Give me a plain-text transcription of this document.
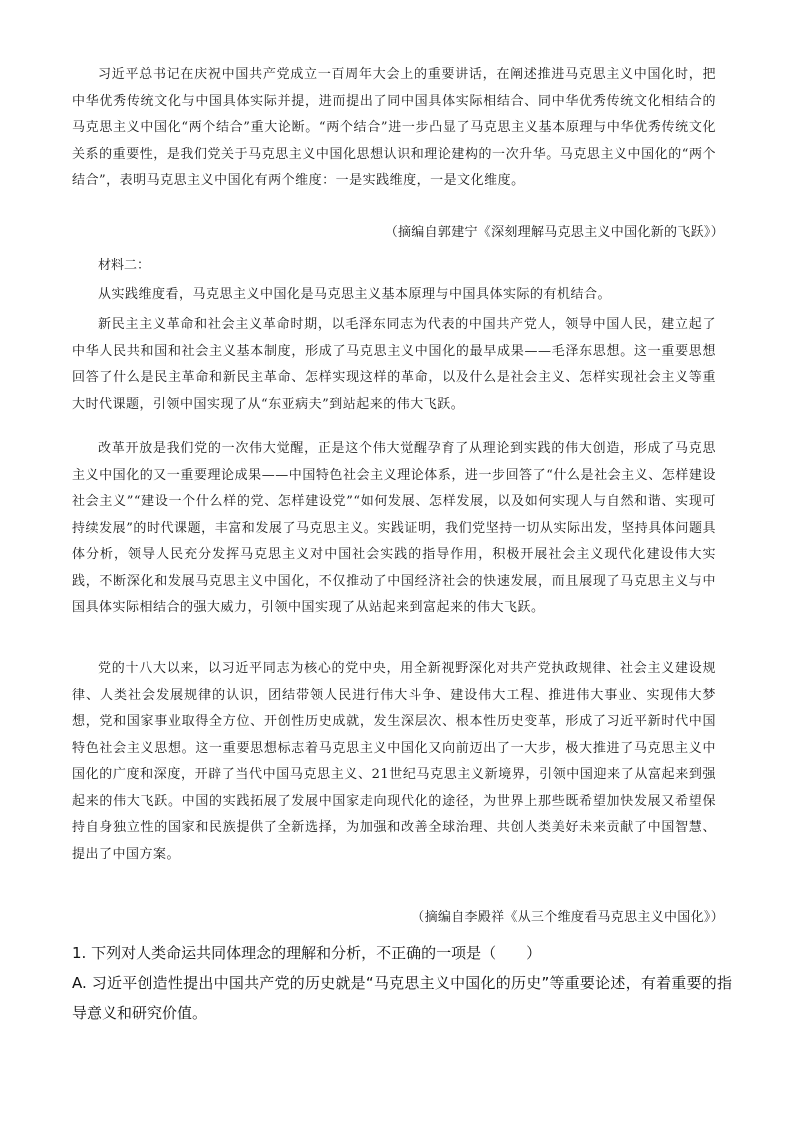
习近平总书记在庆祝中国共产党成立一百周年大会上的重要讲话，在阐述推进马克思主义中国化时，把中华优秀传统文化与中国具体实际并提，进而提出了同中国具体实际相结合、同中华优秀传统文化相结合的马克思主义中国化“两个结合”重大论断。“两个结合”进一步凸显了马克思主义基本原理与中华优秀传统文化关系的重要性，是我们党关于马克思主义中国化思想认识和理论建构的一次升华。马克思主义中国化的“两个结合”，表明马克思主义中国化有两个维度：一是实践维度，一是文化维度。

（摘编自郭建宁《深刻理解马克思主义中国化新的飞跃》）

材料二：

从实践维度看，马克思主义中国化是马克思主义基本原理与中国具体实际的有机结合。

新民主主义革命和社会主义革命时期，以毛泽东同志为代表的中国共产党人，领导中国人民，建立起了中华人民共和国和社会主义基本制度，形成了马克思主义中国化的最早成果——毛泽东思想。这一重要思想回答了什么是民主革命和新民主革命、怎样实现这样的革命，以及什么是社会主义、怎样实现社会主义等重大时代课题，引领中国实现了从“东亚病夫”到站起来的伟大飞跃。

改革开放是我们党的一次伟大觉醒，正是这个伟大觉醒孕育了从理论到实践的伟大创造，形成了马克思主义中国化的又一重要理论成果——中国特色社会主义理论体系，进一步回答了“什么是社会主义、怎样建设社会主义”“建设一个什么样的党、怎样建设党”“如何发展、怎样发展，以及如何实现人与自然和谐、实现可持续发展”的时代课题，丰富和发展了马克思主义。实践证明，我们党坚持一切从实际出发，坚持具体问题具体分析，领导人民充分发挥马克思主义对中国社会实践的指导作用，积极开展社会主义现代化建设伟大实践，不断深化和发展马克思主义中国化，不仅推动了中国经济社会的快速发展，而且展现了马克思主义与中国具体实际相结合的强大威力，引领中国实现了从站起来到富起来的伟大飞跃。

党的十八大以来，以习近平同志为核心的党中央，用全新视野深化对共产党执政规律、社会主义建设规律、人类社会发展规律的认识，团结带领人民进行伟大斗争、建设伟大工程、推进伟大事业、实现伟大梦想，党和国家事业取得全方位、开创性历史成就，发生深层次、根本性历史变革，形成了习近平新时代中国特色社会主义思想。这一重要思想标志着马克思主义中国化又向前迈出了一大步，极大推进了马克思主义中国化的广度和深度，开辟了当代中国马克思主义、21世纪马克思主义新境界，引领中国迎来了从富起来到强起来的伟大飞跃。中国的实践拓展了发展中国家走向现代化的途径，为世界上那些既希望加快发展又希望保持自身独立性的国家和民族提供了全新选择，为加强和改善全球治理、共创人类美好未来贡献了中国智慧、提出了中国方案。

（摘编自李殿祥《从三个维度看马克思主义中国化》）

1. 下列对人类命运共同体理念的理解和分析，不正确的一项是（　　）

A. 习近平创造性提出中国共产党的历史就是“马克思主义中国化的历史”等重要论述，有着重要的指导意义和研究价值。
